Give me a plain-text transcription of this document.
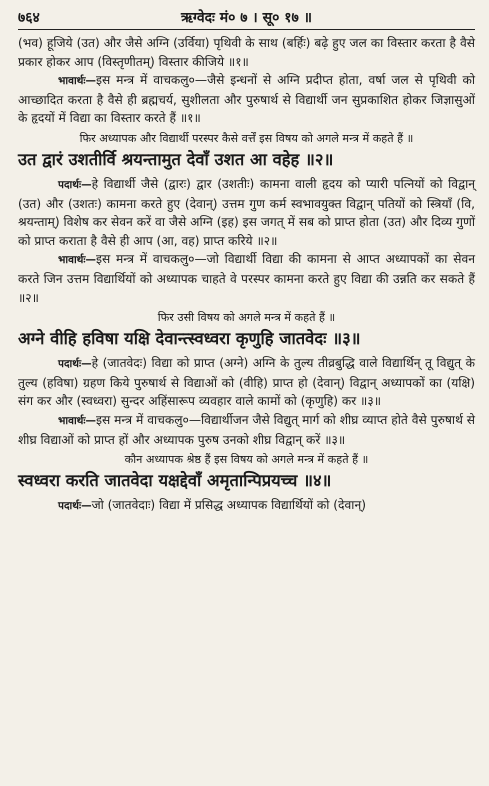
७६४	ऋग्वेदः मं० ७ । सू० १७ ॥

(भव) हूजिये (उत) और जैसे अग्नि (उर्विया) पृथिवी के साथ (बर्हिः) बढ़े हुए जल का विस्तार करता है वैसे प्रकार होकर आप (विस्तृणीतम्) विस्तार कीजिये ॥१॥

भावार्थः—इस मन्त्र में वाचकलु०—जैसे इन्धनों से अग्नि प्रदीप्त होता, वर्षा जल से पृथिवी को आच्छादित करता है वैसे ही ब्रह्मचर्य, सुशीलता और पुरुषार्थ से विद्यार्थी जन सुप्रकाशित होकर जिज्ञासुओं के हृदयों में विद्या का विस्तार करते हैं ॥१॥

फिर अध्यापक और विद्यार्थी परस्पर कैसे वर्त्तें इस विषय को अगले मन्त्र में कहते हैं ॥

उत द्वारं उशतीर्वि श्रयन्तामुत देवाँ उशत आ वहेह ॥२॥

पदार्थः—हे विद्यार्थी जैसे (द्वारः) द्वार (उशतीः) कामना वाली हृदय को प्यारी पत्नियों को विद्वान् (उत) और (उशतः) कामना करते हुए (देवान्) उत्तम गुण कर्म स्वभावयुक्त विद्वान् पतियों को स्त्रियाँ (वि, श्रयन्ताम्) विशेष कर सेवन करें वा जैसे अग्नि (इह) इस जगत् में सब को प्राप्त होता (उत) और दिव्य गुणों को प्राप्त कराता है वैसे ही आप (आ, वह) प्राप्त करिये ॥२॥

भावार्थः—इस मन्त्र में वाचकलु०—जो विद्यार्थी विद्या की कामना से आप्त अध्यापकों का सेवन करते जिन उत्तम विद्यार्थियों को अध्यापक चाहते वे परस्पर कामना करते हुए विद्या की उन्नति कर सकते हैं ॥२॥

फिर उसी विषय को अगले मन्त्र में कहते हैं ॥

अग्ने वीहि हविषा यक्षि देवान्त्स्वध्वरा कृणुहि जातवेदः ॥३॥

पदार्थः—हे (जातवेदः) विद्या को प्राप्त (अग्ने) अग्नि के तुल्य तीव्रबुद्धि वाले विद्यार्थिन् तू विद्युत् के तुल्य (हविषा) ग्रहण किये पुरुषार्थ से विद्याओं को (वीहि) प्राप्त हो (देवान्) विद्वान् अध्यापकों का (यक्षि) संग कर और (स्वध्वरा) सुन्दर अहिंसारूप व्यवहार वाले कामों को (कृणुहि) कर ॥३॥

भावार्थः—इस मन्त्र में वाचकलु०—विद्यार्थीजन जैसे विद्युत् मार्ग को शीघ्र व्याप्त होते वैसे पुरुषार्थ से शीघ्र विद्याओं को प्राप्त हों और अध्यापक पुरुष उनको शीघ्र विद्वान् करें ॥३॥

कौन अध्यापक श्रेष्ठ हैं इस विषय को अगले मन्त्र में कहते हैं ॥

स्वध्वरा करति जातवेदा यक्षद्देवाँ अमृतान्पिप्रयच्च ॥४॥

पदार्थः—जो (जातवेदाः) विद्या में प्रसिद्ध अध्यापक विद्यार्थियों को (देवान्)
